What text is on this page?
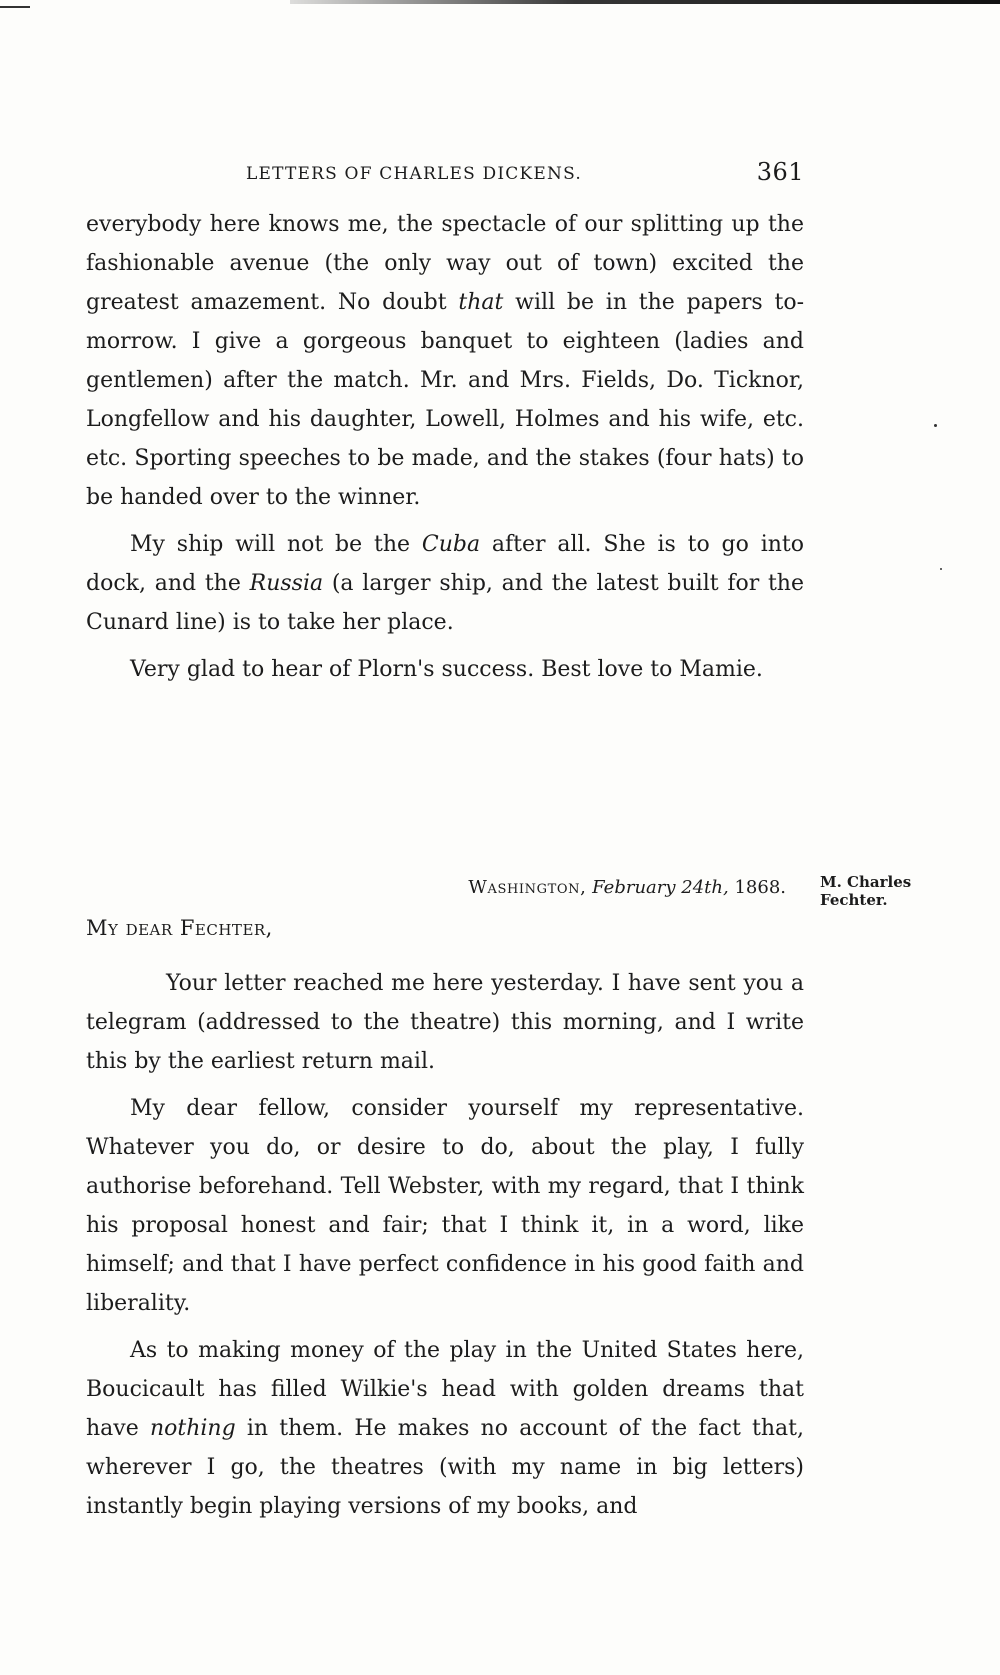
LETTERS OF CHARLES DICKENS.	361

everybody here knows me, the spectacle of our splitting up the fashionable avenue (the only way out of town) excited the greatest amazement. No doubt that will be in the papers to-morrow. I give a gorgeous banquet to eighteen (ladies and gentlemen) after the match. Mr. and Mrs. Fields, Do. Ticknor, Longfellow and his daughter, Lowell, Holmes and his wife, etc. etc. Sporting speeches to be made, and the stakes (four hats) to be handed over to the winner.

My ship will not be the Cuba after all. She is to go into dock, and the Russia (a larger ship, and the latest built for the Cunard line) is to take her place.

Very glad to hear of Plorn's success. Best love to Mamie.

Washington, February 24th, 1868. M. Charles Fechter.
My dear Fechter,

Your letter reached me here yesterday. I have sent you a telegram (addressed to the theatre) this morning, and I write this by the earliest return mail.

My dear fellow, consider yourself my representative. Whatever you do, or desire to do, about the play, I fully authorise beforehand. Tell Webster, with my regard, that I think his proposal honest and fair; that I think it, in a word, like himself; and that I have perfect confidence in his good faith and liberality.

As to making money of the play in the United States here, Boucicault has filled Wilkie's head with golden dreams that have nothing in them. He makes no account of the fact that, wherever I go, the theatres (with my name in big letters) instantly begin playing versions of my books, and
